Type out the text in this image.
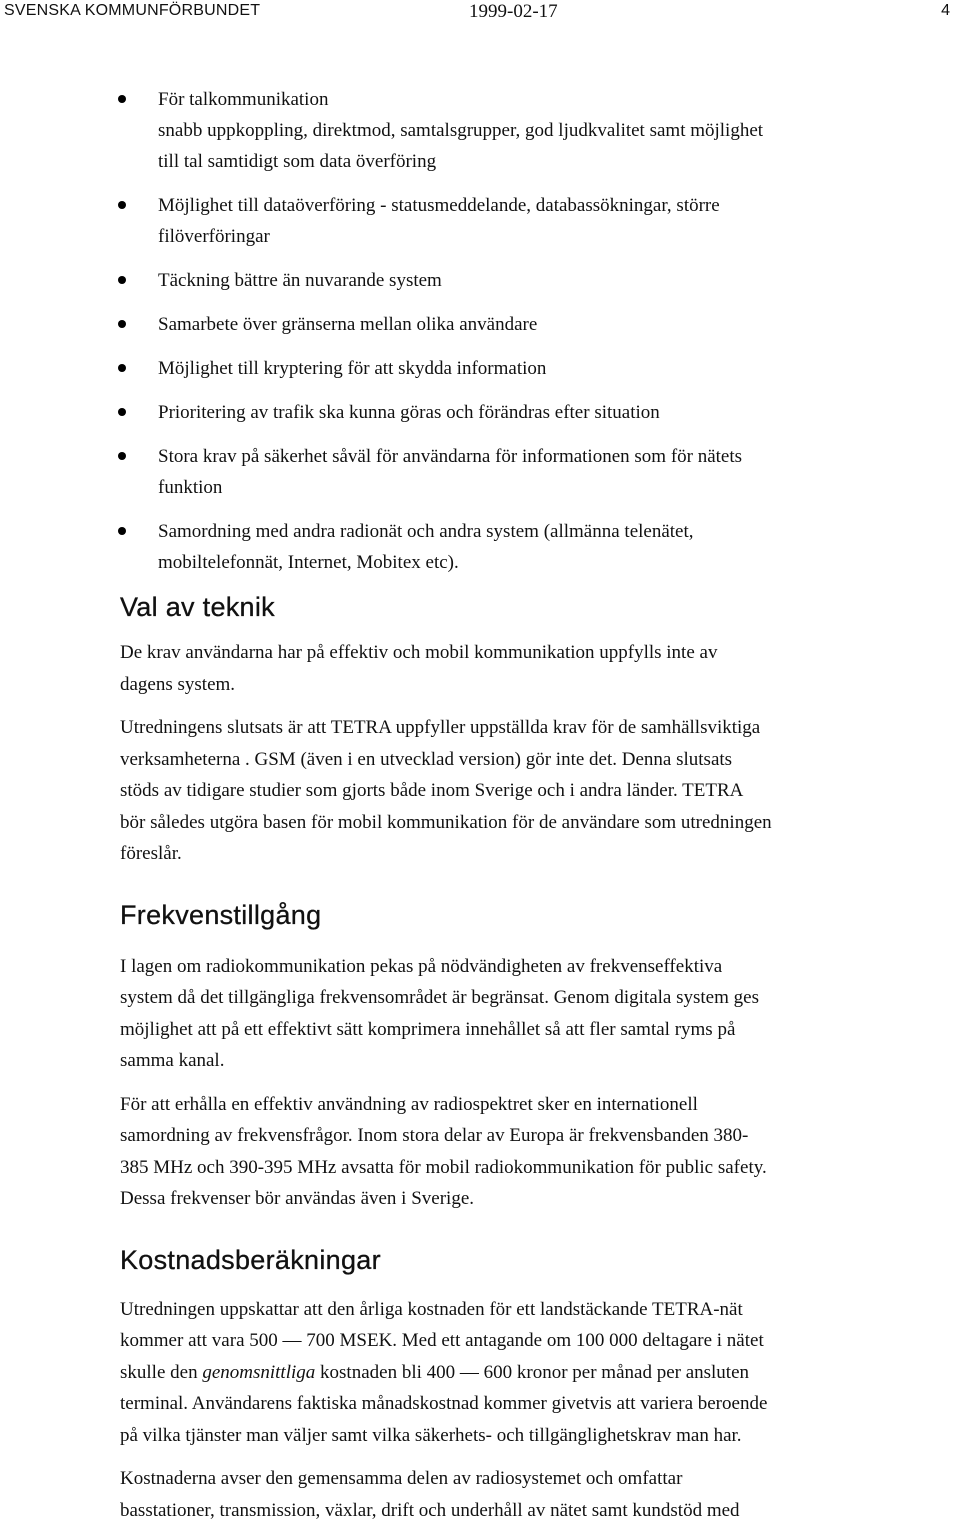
SVENSKA KOMMUNFÖRBUNDET	1999-02-17	4
För talkommunikation
snabb uppkoppling, direktmod, samtalsgrupper, god ljudkvalitet samt möjlighet
till tal samtidigt som data överföring
Möjlighet till dataöverföring - statusmeddelande, databassökningar, större
filöverföringar
Täckning bättre än nuvarande system
Samarbete över gränserna mellan olika användare
Möjlighet till kryptering för att skydda information
Prioritering av trafik ska kunna göras och förändras efter situation
Stora krav på säkerhet såväl för användarna för informationen som för nätets
funktion
Samordning med andra radionät och andra system (allmänna telenätet,
mobiltelefonnät, Internet, Mobitex etc).
Val av teknik

De krav användarna har på effektiv och mobil kommunikation uppfylls inte av
dagens system.

Utredningens slutsats är att TETRA uppfyller uppställda krav för de samhällsviktiga
verksamheterna . GSM (även i en utvecklad version) gör inte det. Denna slutsats
stöds av tidigare studier som gjorts både inom Sverige och i andra länder. TETRA
bör således utgöra basen för mobil kommunikation för de användare som utredningen
föreslår.

Frekvenstillgång

I lagen om radiokommunikation pekas på nödvändigheten av frekvenseffektiva
system då det tillgängliga frekvensområdet är begränsat. Genom digitala system ges
möjlighet att på ett effektivt sätt komprimera innehållet så att fler samtal ryms på
samma kanal.

För att erhålla en effektiv användning av radiospektret sker en internationell
samordning av frekvensfrågor. Inom stora delar av Europa är frekvensbanden 380-
385 MHz och 390-395 MHz avsatta för mobil radiokommunikation för public safety.
Dessa frekvenser bör användas även i Sverige.

Kostnadsberäkningar

Utredningen uppskattar att den årliga kostnaden för ett landstäckande TETRA-nät
kommer att vara 500 — 700 MSEK. Med ett antagande om 100 000 deltagare i nätet
skulle den genomsnittliga kostnaden bli 400 — 600 kronor per månad per ansluten
terminal. Användarens faktiska månadskostnad kommer givetvis att variera beroende
på vilka tjänster man väljer samt vilka säkerhets- och tillgänglighetskrav man har.

Kostnaderna avser den gemensamma delen av radiosystemet och omfattar
basstationer, transmission, växlar, drift och underhåll av nätet samt kundstöd med
